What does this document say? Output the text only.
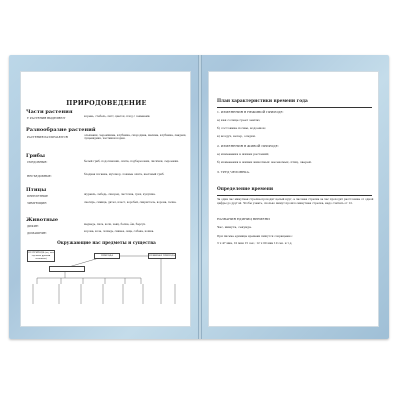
ПРИРОДОВЕДЕНИЕ
Части растения
У РАСТЕНИЯ ВЫДЕЛЯЮТ	корень, стебель, лист, цветок, плод с семенами.
Разнообразие растений
РАСТЕНИЯ РАЗЛИЧАЮТСЯ	ольшаник, черемшина, клубника, смородина, малина, клубника, ландыш, лущевидник, частники корня.
Грибы
СЪЕДОБНЫЕ:	белый гриб, подосиновик, опята, подберезовик, лисички, сыроежки.
НЕСЪЕДОБНЫЕ:	бледная поганка, мухомор, ложные опята, желчный гриб.
Птицы
ПЕРЕЛЕТНЫЕ	журавль, лебедь, скворец, ласточка, грач, кукушка.
ЗИМУЮЩИЕ:	снегирь, синица, дятел, клест, воробей, свиристель, ворона, галка.
Животные
ДИКИЕ:	медведь, лиса, волк, заяц, белка, ёж, барсук.
ДОМАШНИЕ:	корова, коза, лошадь, свинья, овца, собака, кошка.
Окружающие нас предметы и существа
НЕ ПРИРОДА (то, что сделано руками человека)
ПРИРОДА	НЕЖИВАЯ ПРИРОДА
План характеристики времени года
1. ИЗМЕНЕНИЯ В НЕЖИВОЙ ПРИРОДЕ:
а) как солнце греет землю;
б) состояние почвы, водоемов;
в) воздух, ветер, осадки.
2. ИЗМЕНЕНИЯ В ЖИВОЙ ПРИРОДЕ:
а) изменения в жизни растений;
б) изменения в жизни животных: насекомых, птиц, зверей.
3. ТРУД ЧЕЛОВЕКА.
Определение времени
За один час минутная стрелка проходит целый круг, а часовая стрелка за час проходит расстояние от одной цифры до другой. Чтобы узнать, сколько минут прошло минутная стрелка, надо считать от 12.
НАЗВАНИЯ ЕДИНИЦ ВРЕМЕНИ
Час, минута, секунда.
При письме единицы времени пишутся сокращенно:
3 ч 47 мин, 10 мин 15 сек ; 12 ч 00 мин 10 сек. и т.д.
